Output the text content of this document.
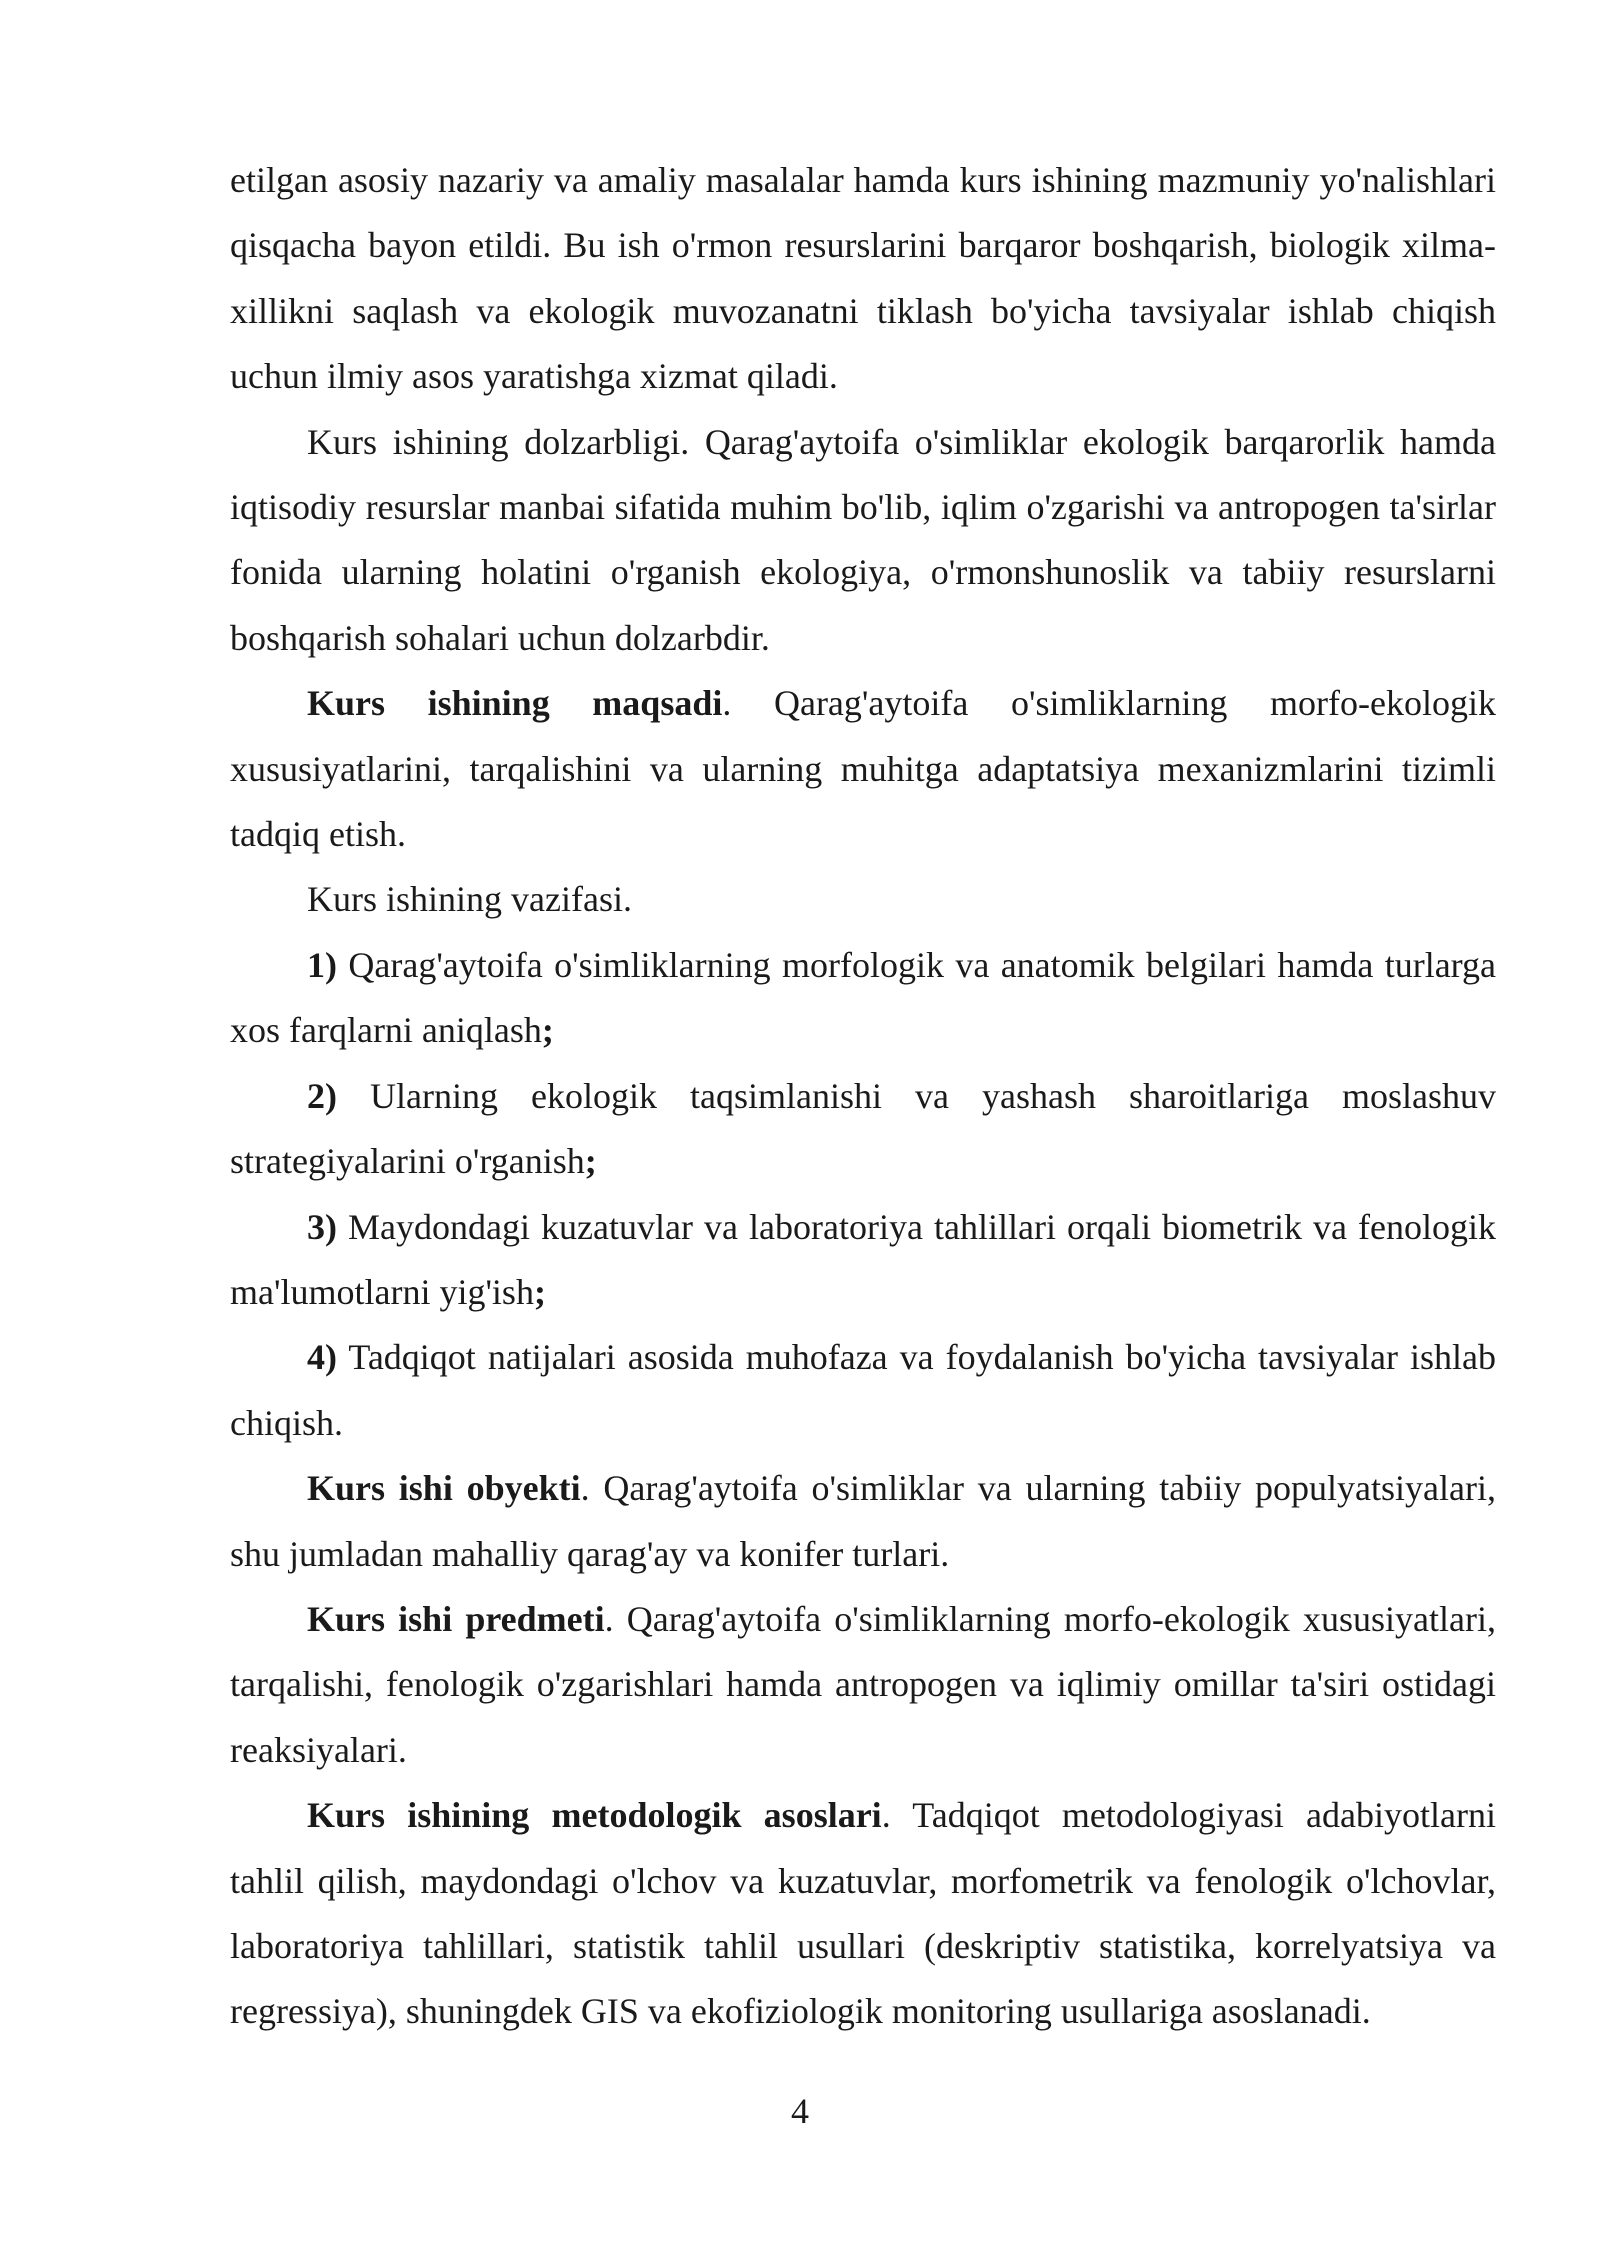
etilgan asosiy nazariy va amaliy masalalar hamda kurs ishining mazmuniy yo'nalishlari qisqacha bayon etildi. Bu ish o'rmon resurslarini barqaror boshqarish, biologik xilma-xillikni saqlash va ekologik muvozanatni tiklash bo'yicha tavsiyalar ishlab chiqish uchun ilmiy asos yaratishga xizmat qiladi.

Kurs ishining dolzarbligi. Qarag'aytoifa o'simliklar ekologik barqarorlik hamda iqtisodiy resurslar manbai sifatida muhim bo'lib, iqlim o'zgarishi va antropogen ta'sirlar fonida ularning holatini o'rganish ekologiya, o'rmonshunoslik va tabiiy resurslarni boshqarish sohalari uchun dolzarbdir.

Kurs ishining maqsadi. Qarag'aytoifa o'simliklarning morfo-ekologik xususiyatlarini, tarqalishini va ularning muhitga adaptatsiya mexanizmlarini tizimli tadqiq etish.

Kurs ishining vazifasi.

1) Qarag'aytoifa o'simliklarning morfologik va anatomik belgilari hamda turlarga xos farqlarni aniqlash;

2) Ularning ekologik taqsimlanishi va yashash sharoitlariga moslashuv strategiyalarini o'rganish;

3) Maydondagi kuzatuvlar va laboratoriya tahlillari orqali biometrik va fenologik ma'lumotlarni yig'ish;

4) Tadqiqot natijalari asosida muhofaza va foydalanish bo'yicha tavsiyalar ishlab chiqish.

Kurs ishi obyekti. Qarag'aytoifa o'simliklar va ularning tabiiy populyatsiyalari, shu jumladan mahalliy qarag'ay va konifer turlari.

Kurs ishi predmeti. Qarag'aytoifa o'simliklarning morfo-ekologik xususiyatlari, tarqalishi, fenologik o'zgarishlari hamda antropogen va iqlimiy omillar ta'siri ostidagi reaksiyalari.

Kurs ishining metodologik asoslari. Tadqiqot metodologiyasi adabiyotlarni tahlil qilish, maydondagi o'lchov va kuzatuvlar, morfometrik va fenologik o'lchovlar, laboratoriya tahlillari, statistik tahlil usullari (deskriptiv statistika, korrelyatsiya va regressiya), shuningdek GIS va ekofiziologik monitoring usullariga asoslanadi.

4
